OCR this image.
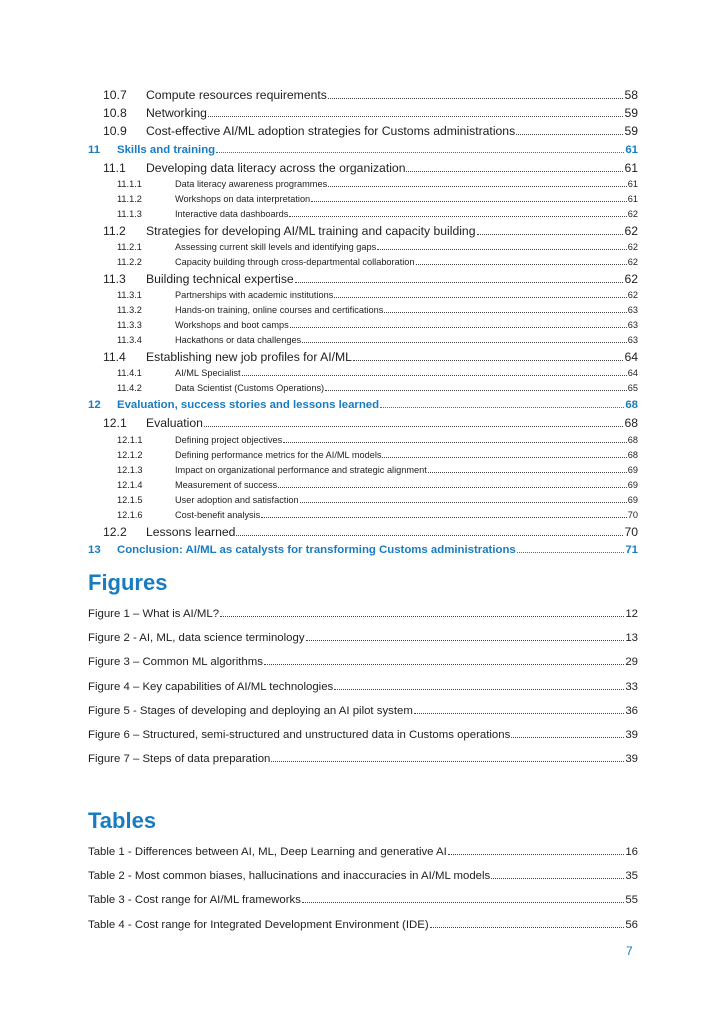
10.7	Compute resources requirements	58
10.8	Networking	59
10.9	Cost-effective AI/ML adoption strategies for Customs administrations	59
11	Skills and training	61
11.1	Developing data literacy across the organization	61
11.1.1	Data literacy awareness programmes	61
11.1.2	Workshops on data interpretation	61
11.1.3	Interactive data dashboards	62
11.2	Strategies for developing AI/ML training and capacity building	62
11.2.1	Assessing current skill levels and identifying gaps	62
11.2.2	Capacity building through cross-departmental collaboration	62
11.3	Building technical expertise	62
11.3.1	Partnerships with academic institutions	62
11.3.2	Hands-on training, online courses and certifications	63
11.3.3	Workshops and boot camps	63
11.3.4	Hackathons or data challenges	63
11.4	Establishing new job profiles for AI/ML	64
11.4.1	AI/ML Specialist	64
11.4.2	Data Scientist (Customs Operations)	65
12	Evaluation, success stories and lessons learned	68
12.1	Evaluation	68
12.1.1	Defining project objectives	68
12.1.2	Defining performance metrics for the AI/ML models	68
12.1.3	Impact on organizational performance and strategic alignment	69
12.1.4	Measurement of success	69
12.1.5	User adoption and satisfaction	69
12.1.6	Cost-benefit analysis	70
12.2	Lessons learned	70
13	Conclusion: AI/ML as catalysts for transforming Customs administrations	71
Figures
Figure 1 – What is AI/ML?	12
Figure 2 - AI, ML, data science terminology	13
Figure 3 – Common ML algorithms	29
Figure 4 – Key capabilities of AI/ML technologies	33
Figure 5 - Stages of developing and deploying an AI pilot system	36
Figure 6 – Structured, semi-structured and unstructured data in Customs operations	39
Figure 7 – Steps of data preparation	39
Tables
Table 1 - Differences between AI, ML, Deep Learning and generative AI	16
Table 2 - Most common biases, hallucinations and inaccuracies in AI/ML models	35
Table 3 - Cost range for AI/ML frameworks	55
Table 4 - Cost range for Integrated Development Environment (IDE)	56
7
